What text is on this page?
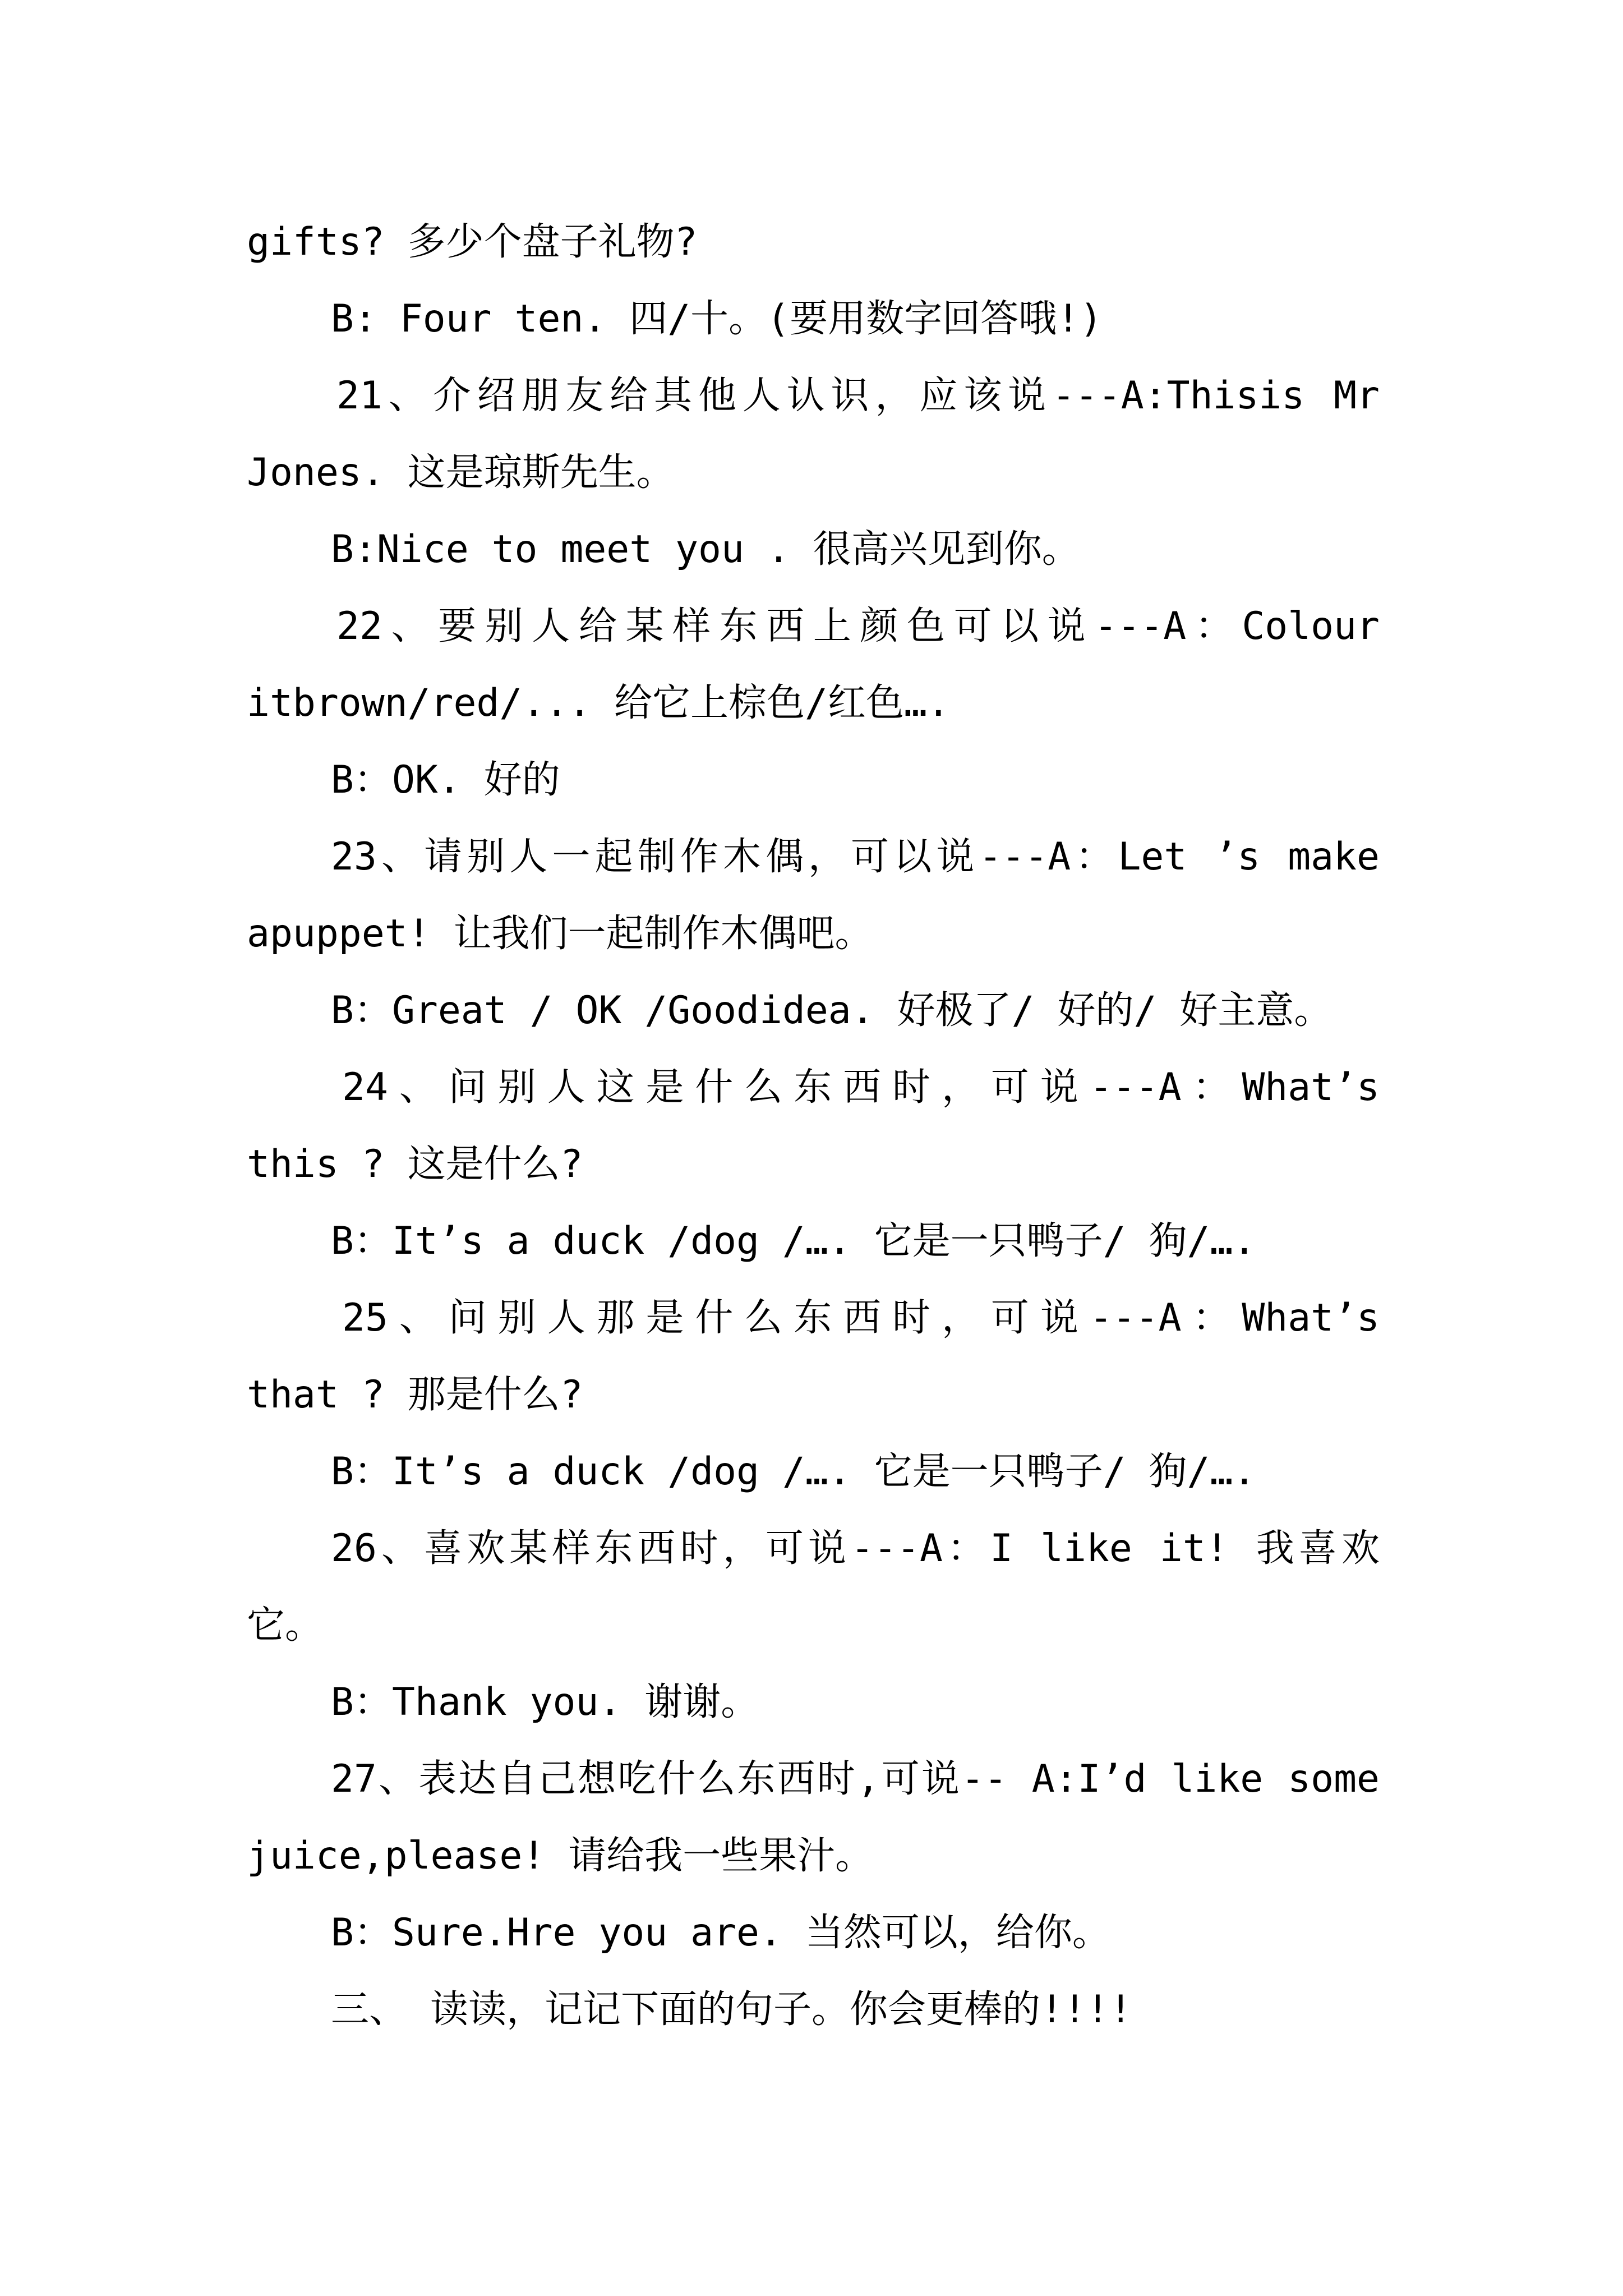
gifts? 多少个盘子礼物?
B: Four ten. 四/十。(要用数字回答哦!)
21、介绍朋友给其他人认识，应该说---A:Thisis Mr
Jones. 这是琼斯先生。
B:Nice to meet you . 很高兴见到你。
22、要别人给某样东西上颜色可以说---A：Colour
itbrown/red/... 给它上棕色/红色….
B：OK. 好的
23、请别人一起制作木偶，可以说---A：Let ’s make
apuppet! 让我们一起制作木偶吧。
B：Great / OK /Goodidea. 好极了/ 好的/ 好主意。
24、问别人这是什么东西时，可说---A：What’s
this ? 这是什么?
B：It’s a duck /dog /…. 它是一只鸭子/ 狗/….
25、问别人那是什么东西时，可说---A：What’s
that ? 那是什么?
B：It’s a duck /dog /…. 它是一只鸭子/ 狗/….
26、喜欢某样东西时，可说---A：I like it! 我喜欢
它。
B：Thank you. 谢谢。
27、表达自己想吃什么东西时,可说-- A:I’d like some
juice,please! 请给我一些果汁。
B：Sure.Hre you are. 当然可以，给你。
三、 读读，记记下面的句子。你会更棒的!!!!
